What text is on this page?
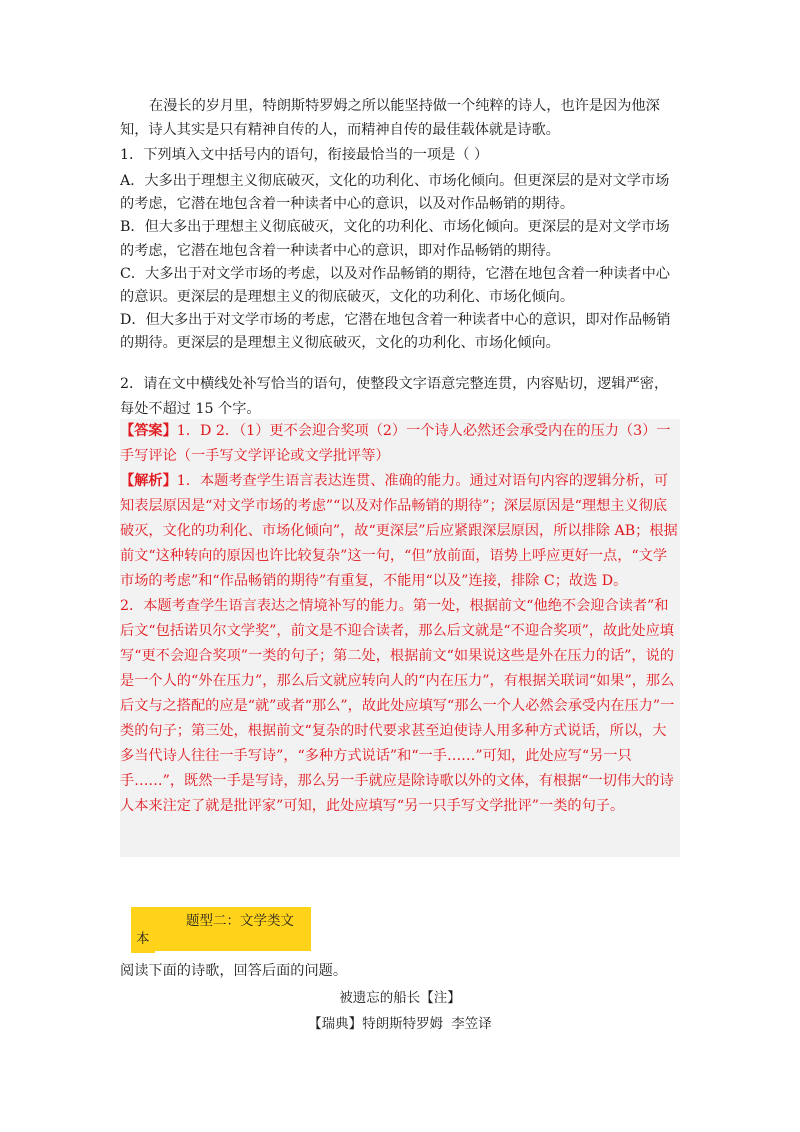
在漫长的岁月里，特朗斯特罗姆之所以能坚持做一个纯粹的诗人，也许是因为他深知，诗人其实是只有精神自传的人，而精神自传的最佳载体就是诗歌。
1．下列填入文中括号内的语句，衔接最恰当的一项是（ ）

A．大多出于理想主义彻底破灭，文化的功利化、市场化倾向。但更深层的是对文学市场的考虑，它潜在地包含着一种读者中心的意识，以及对作品畅销的期待。

B．但大多出于理想主义彻底破灭，文化的功利化、市场化倾向。更深层的是对文学市场的考虑，它潜在地包含着一种读者中心的意识，即对作品畅销的期待。

C．大多出于对文学市场的考虑，以及对作品畅销的期待，它潜在地包含着一种读者中心的意识。更深层的是理想主义的彻底破灭，文化的功利化、市场化倾向。

D．但大多出于对文学市场的考虑，它潜在地包含着一种读者中心的意识，即对作品畅销的期待。更深层的是理想主义彻底破灭，文化的功利化、市场化倾向。

2．请在文中横线处补写恰当的语句，使整段文字语意完整连贯，内容贴切，逻辑严密，每处不超过 15 个字。

【答案】1．D 2．（1）更不会迎合奖项（2）一个诗人必然还会承受内在的压力（3）一手写评论（一手写文学评论或文学批评等）

【解析】1．本题考查学生语言表达连贯、准确的能力。通过对语句内容的逻辑分析，可知表层原因是“对文学市场的考虑”“以及对作品畅销的期待”；深层原因是“理想主义彻底破灭，文化的功利化、市场化倾向”，故“更深层”后应紧跟深层原因，所以排除 AB；根据前文“这种转向的原因也许比较复杂”这一句，“但”放前面，语势上呼应更好一点，“文学市场的考虑”和“作品畅销的期待”有重复，不能用“以及”连接，排除 C；故选 D。

2．本题考查学生语言表达之情境补写的能力。第一处，根据前文“他绝不会迎合读者”和后文“包括诺贝尔文学奖”，前文是不迎合读者，那么后文就是“不迎合奖项”，故此处应填写“更不会迎合奖项”一类的句子；第二处，根据前文“如果说这些是外在压力的话”，说的是一个人的“外在压力”，那么后文就应转向人的“内在压力”，有根据关联词“如果”，那么后文与之搭配的应是“就”或者“那么”，故此处应填写“那么一个人必然会承受内在压力”一类的句子；第三处，根据前文“复杂的时代要求甚至迫使诗人用多种方式说话，所以，大多当代诗人往往一手写诗”，“多种方式说话”和“一手……”可知，此处应写“另一只手……”，既然一手是写诗，那么另一手就应是除诗歌以外的文体，有根据“一切伟大的诗人本来注定了就是批评家”可知，此处应填写“另一只手写文学批评”一类的句子。

题型二：文学类文
本
阅读下面的诗歌，回答后面的问题。
被遗忘的船长【注】
【瑞典】特朗斯特罗姆 李笠译
